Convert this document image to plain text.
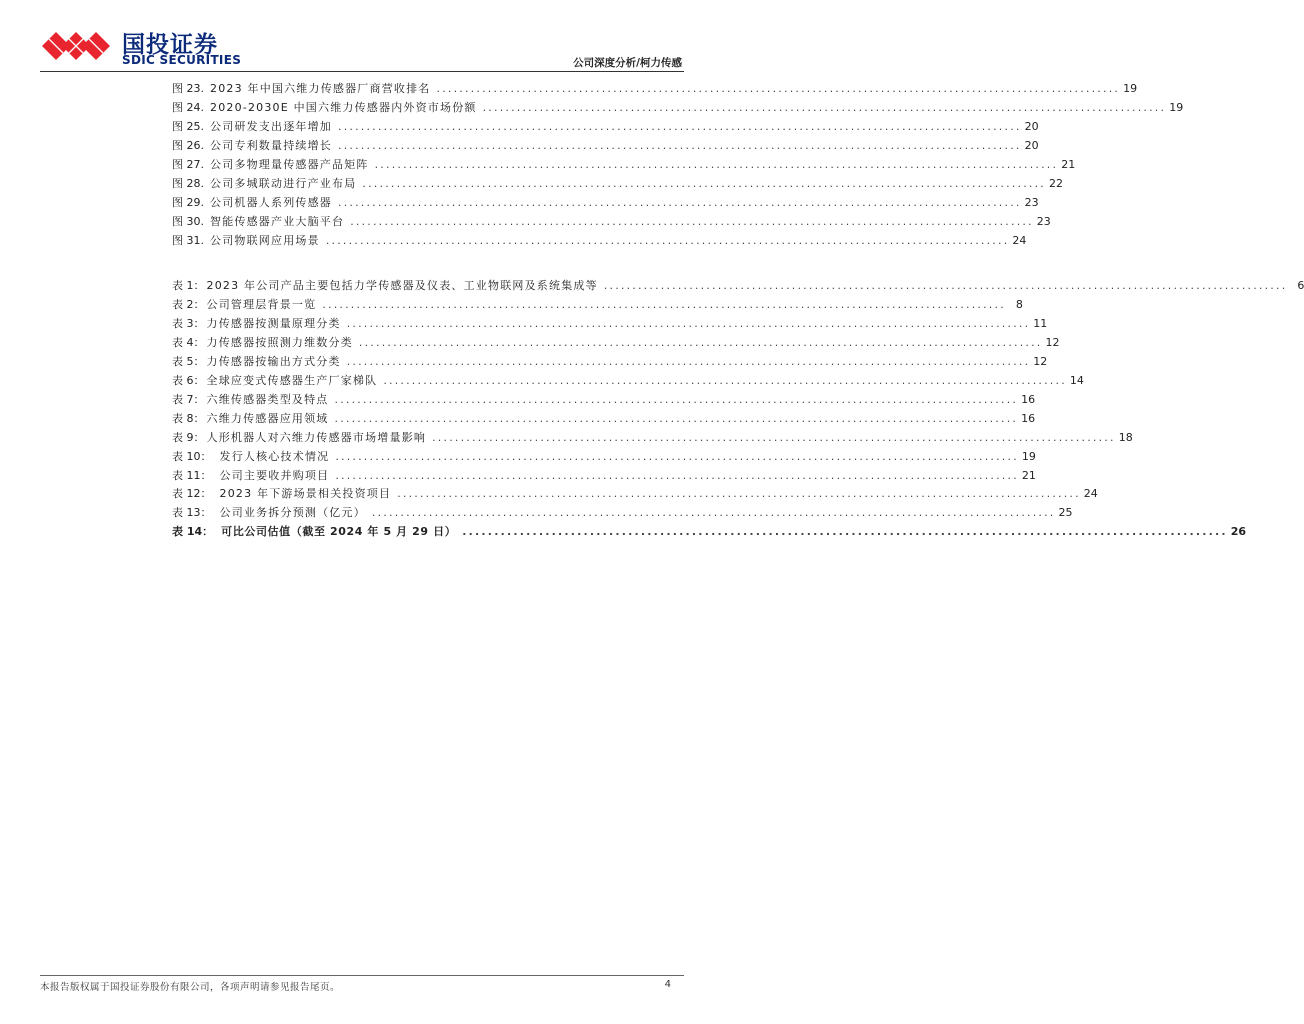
国投证券
SDIC SECURITIES	公司深度分析/柯力传感
图 23. 2023 年中国六维力传感器厂商营收排名 ........................................................................................................................ 19
图 24. 2020-2030E 中国六维力传感器内外资市场份额 ........................................................................................................................ 19
图 25. 公司研发支出逐年增加 ........................................................................................................................ 20
图 26. 公司专利数量持续增长 ........................................................................................................................ 20
图 27. 公司多物理量传感器产品矩阵 ........................................................................................................................ 21
图 28. 公司多城联动进行产业布局 ........................................................................................................................ 22
图 29. 公司机器人系列传感器 ........................................................................................................................ 23
图 30. 智能传感器产业大脑平台 ........................................................................................................................ 23
图 31. 公司物联网应用场景 ........................................................................................................................ 24
表 1： 2023 年公司产品主要包括力学传感器及仪表、工业物联网及系统集成等 ........................................................................................................................ 6
表 2： 公司管理层背景一览 ........................................................................................................................ 8
表 3： 力传感器按测量原理分类 ........................................................................................................................ 11
表 4： 力传感器按照测力维数分类 ........................................................................................................................ 12
表 5： 力传感器按输出方式分类 ........................................................................................................................ 12
表 6： 全球应变式传感器生产厂家梯队 ........................................................................................................................ 14
表 7： 六维传感器类型及特点 ........................................................................................................................ 16
表 8： 六维力传感器应用领域 ........................................................................................................................ 16
表 9： 人形机器人对六维力传感器市场增量影响 ........................................................................................................................ 18
表 10： 发行人核心技术情况 ........................................................................................................................ 19
表 11： 公司主要收并购项目 ........................................................................................................................ 21
表 12： 2023 年下游场景相关投资项目 ........................................................................................................................ 24
表 13： 公司业务拆分预测（亿元） ........................................................................................................................ 25
表 14： 可比公司估值（截至 2024 年 5 月 29 日） ........................................................................................................................ 26
本报告版权属于国投证券股份有限公司，各项声明请参见报告尾页。	4
